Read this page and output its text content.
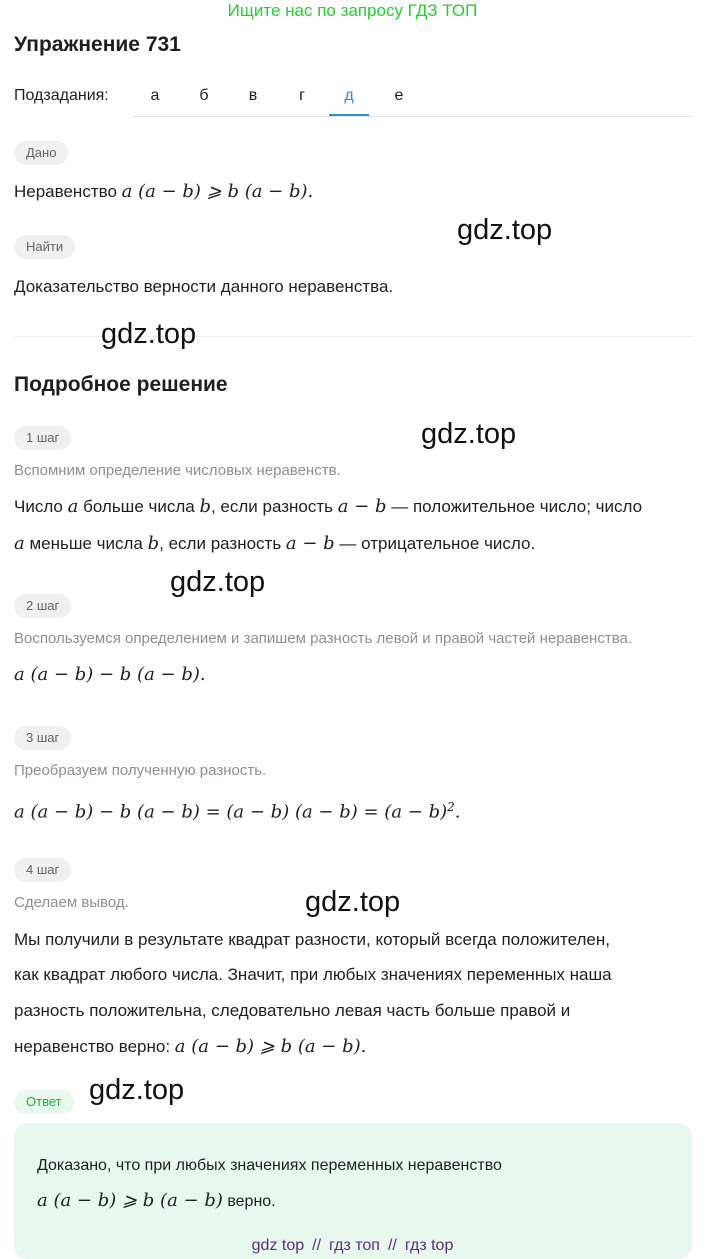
Ищите нас по запросу ГДЗ ТОП
Упражнение 731
Подзадания:	а	б	в	г	д	е
Дано
Неравенство a (a − b) ⩾ b (a − b).
Найти
Доказательство верности данного неравенства.
Подробное решение
1 шаг
Вспомним определение числовых неравенств.
Число a больше числа b, если разность a − b — положительное число; число
a меньше числа b, если разность a − b — отрицательное число.
2 шаг
Воспользуемся определением и запишем разность левой и правой частей неравенства.
a (a − b) − b (a − b).
3 шаг
Преобразуем полученную разность.
a (a − b) − b (a − b) = (a − b) $(a - b) = (a - b)^2$.
4 шаг
Сделаем вывод.
Мы получили в результате квадрат разности, который всегда положителен,
как квадрат любого числа. Значит, при любых значениях переменных наша
разность положительна, следовательно левая часть больше правой и
неравенство верно: a (a − b) ⩾ b (a − b).
Ответ
Доказано, что при любых значениях переменных неравенство
a (a − b) ⩾ b (a − b) верно.
gdz.top
gdz.top
gdz.top
gdz.top
gdz.top
gdz.top
gdz top // гдз топ // гдз top
